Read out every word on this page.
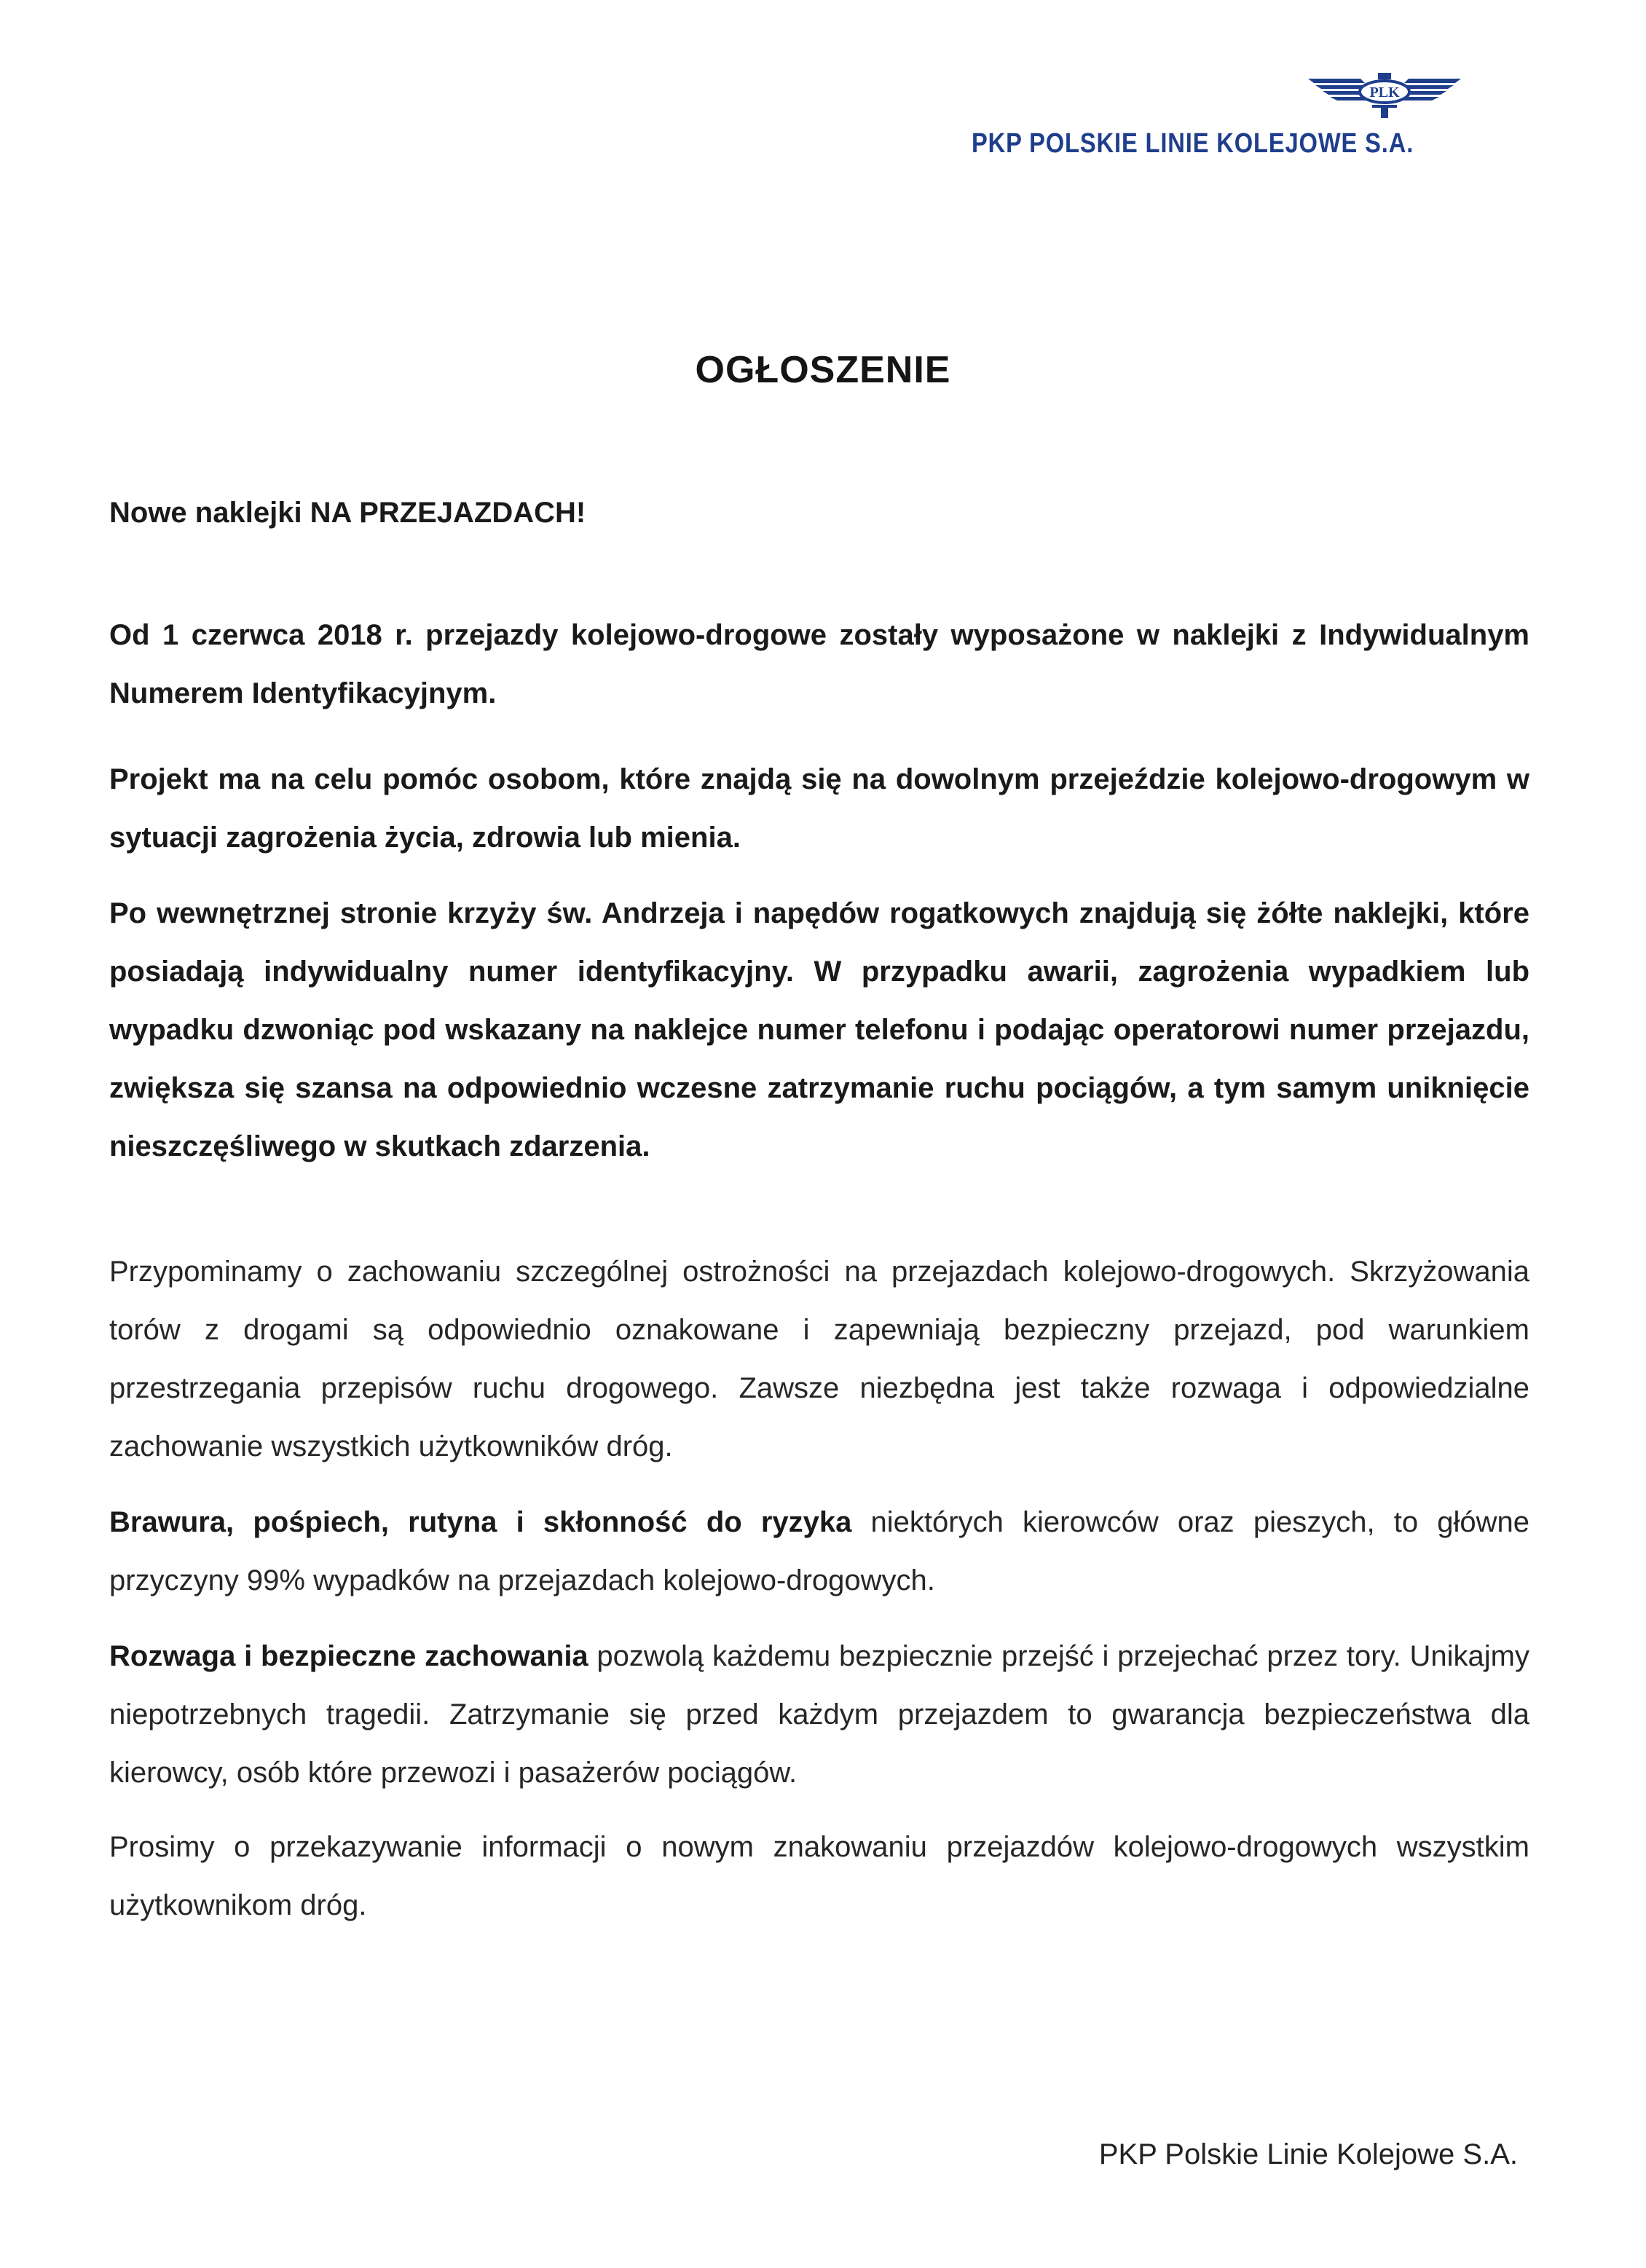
PLK
PKP POLSKIE LINIE KOLEJOWE S.A.
OGŁOSZENIE

Nowe naklejki NA PRZEJAZDACH!

Od 1 czerwca 2018 r. przejazdy kolejowo-drogowe zostały wyposażone w naklejki z Indywidualnym Numerem Identyfikacyjnym.

Projekt ma na celu pomóc osobom, które znajdą się na dowolnym przejeździe kolejowo-drogowym w sytuacji zagrożenia życia, zdrowia lub mienia.

Po wewnętrznej stronie krzyży św. Andrzeja i napędów rogatkowych znajdują się żółte naklejki, które posiadają indywidualny numer identyfikacyjny. W przypadku awarii, zagrożenia wypadkiem lub wypadku dzwoniąc pod wskazany na naklejce numer telefonu i podając operatorowi numer przejazdu, zwiększa się szansa na odpowiednio wczesne zatrzymanie ruchu pociągów, a tym samym uniknięcie nieszczęśliwego w skutkach zdarzenia.

Przypominamy o zachowaniu szczególnej ostrożności na przejazdach kolejowo-drogowych. Skrzyżowania torów z drogami są odpowiednio oznakowane i zapewniają bezpieczny przejazd, pod warunkiem przestrzegania przepisów ruchu drogowego. Zawsze niezbędna jest także rozwaga i odpowiedzialne zachowanie wszystkich użytkowników dróg.

Brawura, pośpiech, rutyna i skłonność do ryzyka niektórych kierowców oraz pieszych, to główne przyczyny 99% wypadków na przejazdach kolejowo-drogowych.

Rozwaga i bezpieczne zachowania pozwolą każdemu bezpiecznie przejść i przejechać przez tory. Unikajmy niepotrzebnych tragedii. Zatrzymanie się przed każdym przejazdem to gwarancja bezpieczeństwa dla kierowcy, osób które przewozi i pasażerów pociągów.

Prosimy o przekazywanie informacji o nowym znakowaniu przejazdów kolejowo-drogowych wszystkim użytkownikom dróg.

PKP Polskie Linie Kolejowe S.A.
